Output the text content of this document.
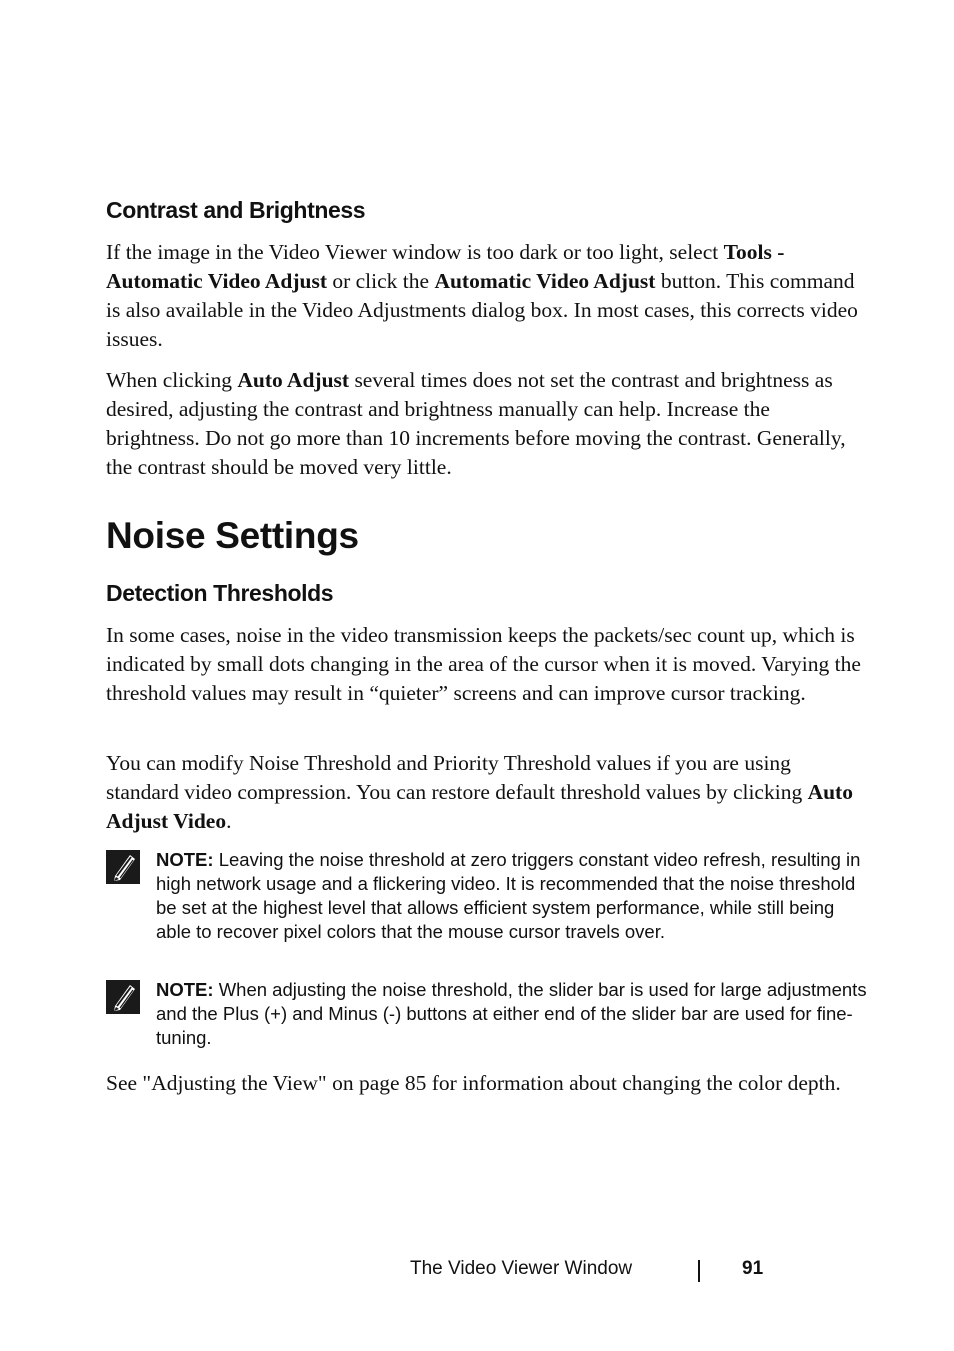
Contrast and Brightness

If the image in the Video Viewer window is too dark or too light, select Tools - Automatic Video Adjust or click the Automatic Video Adjust button. This command is also available in the Video Adjustments dialog box. In most cases, this corrects video issues.

When clicking Auto Adjust several times does not set the contrast and brightness as desired, adjusting the contrast and brightness manually can help. Increase the brightness. Do not go more than 10 increments before moving the contrast. Generally, the contrast should be moved very little.

Noise Settings
Detection Thresholds

In some cases, noise in the video transmission keeps the packets/sec count up, which is indicated by small dots changing in the area of the cursor when it is moved. Varying the threshold values may result in “quieter” screens and can improve cursor tracking.

You can modify Noise Threshold and Priority Threshold values if you are using standard video compression. You can restore default threshold values by clicking Auto Adjust Video.

NOTE: Leaving the noise threshold at zero triggers constant video refresh, resulting in high network usage and a flickering video. It is recommended that the noise threshold be set at the highest level that allows efficient system performance, while still being able to recover pixel colors that the mouse cursor travels over.
NOTE: When adjusting the noise threshold, the slider bar is used for large adjustments and the Plus (+) and Minus (-) buttons at either end of the slider bar are used for fine-tuning.

See "Adjusting the View" on page 85 for information about changing the color depth.

The Video Viewer Window	91
